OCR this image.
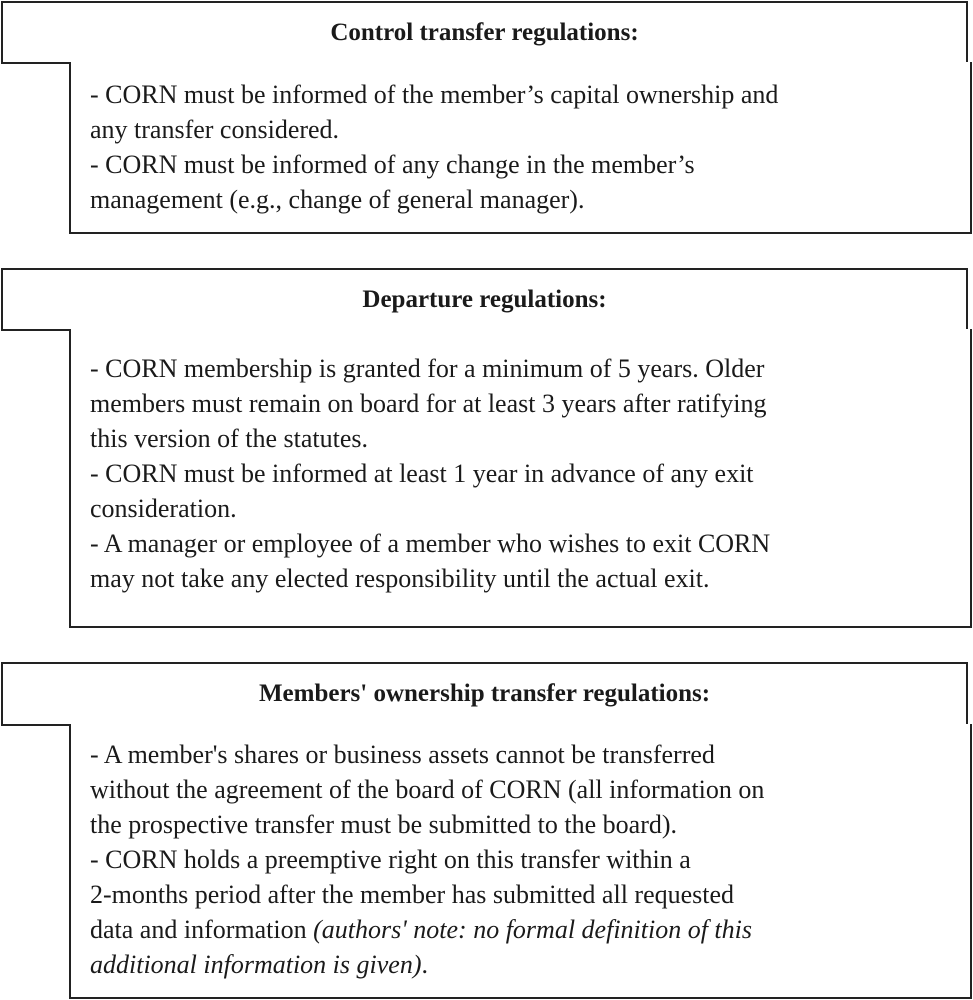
Control transfer regulations:
- CORN must be informed of the member’s capital ownership and
any transfer considered.
- CORN must be informed of any change in the member’s
management (e.g., change of general manager).
Departure regulations:
- CORN membership is granted for a minimum of 5 years. Older
members must remain on board for at least 3 years after ratifying
this version of the statutes.
- CORN must be informed at least 1 year in advance of any exit
consideration.
- A manager or employee of a member who wishes to exit CORN
may not take any elected responsibility until the actual exit.
Members' ownership transfer regulations:
- A member's shares or business assets cannot be transferred
without the agreement of the board of CORN (all information on
the prospective transfer must be submitted to the board).
- CORN holds a preemptive right on this transfer within a
2-months period after the member has submitted all requested
data and information (authors' note: no formal definition of this
additional information is given).
